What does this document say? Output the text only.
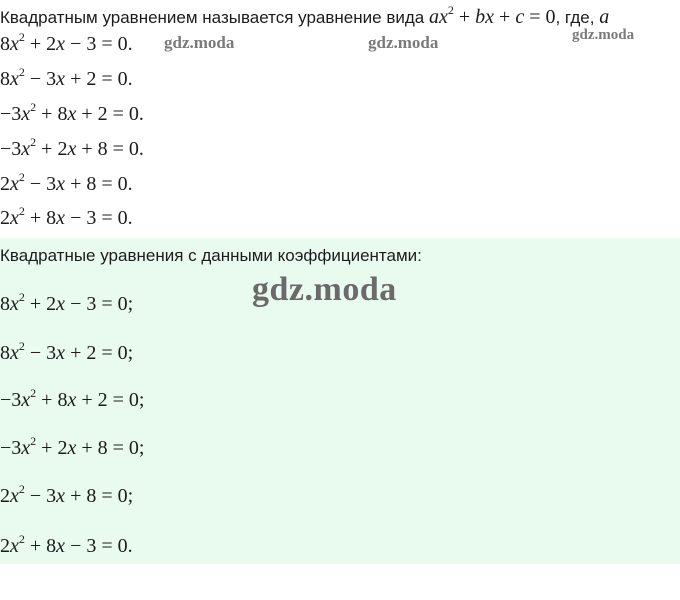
Квадратным уравнением называется уравнение вида $ax^2$ + bx + c = 0, где, a
$8x^2 + 2x - 3 = 0$.
$8x^2 - 3x + 2 = 0$.
$-3x^2 + 8x + 2 = 0$.
$-3x^2 + 2x + 8 = 0$.
$2x^2 - 3x + 8 = 0$.
$2x^2 + 8x - 3 = 0$.
gdz.moda	gdz.moda	gdz.moda
Квадратные уравнения с данными коэффициентами:
gdz.moda
$8x^2 + 2x - 3 = 0$;
$8x^2 - 3x + 2 = 0$;
$-3x^2 + 8x + 2 = 0$;
$-3x^2 + 2x + 8 = 0$;
$2x^2 - 3x + 8 = 0$;
$2x^2 + 8x - 3 = 0$.
